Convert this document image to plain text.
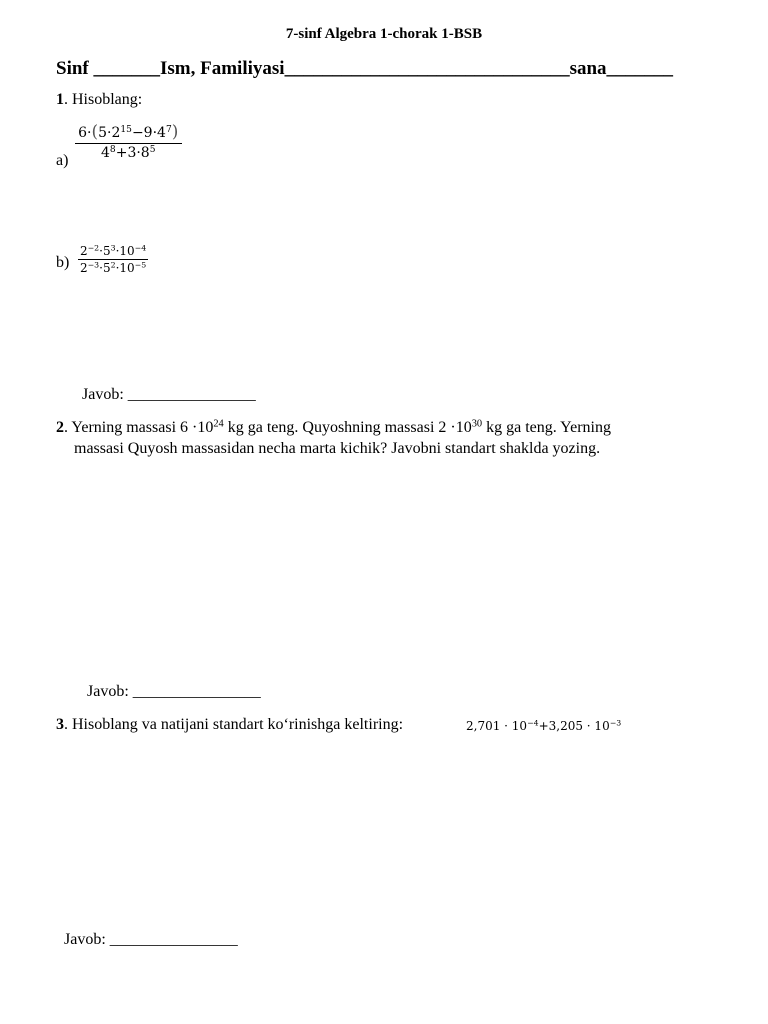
7-sinf Algebra 1-chorak 1-BSB
Sinf _______Ism, Familiyasi______________________________sana_______
1. Hisoblang:
$a) \frac{6\cdot(5\cdot 2^{15}-9\cdot 4^7)}{4^8+3\cdot 8^5}$
$b) \frac{2^{-2}\cdot 5^3\cdot 10^{-4}}{2^{-3}\cdot 5^2\cdot 10^{-5}}$
Javob: ________________
2. Yerning massasi $6 \cdot 10^{24}$ kg ga teng. Quyoshning massasi $2 \cdot 10^{30}$ kg ga teng. Yerning
massasi Quyosh massasidan necha marta kichik? Javobni standart shaklda yozing.
Javob: ________________
3. Hisoblang va natijani standart ko‘rinishga keltiring:	$2,701 \cdot 10^{-4}+3,205 \cdot 10^{-3}$
Javob: ________________
